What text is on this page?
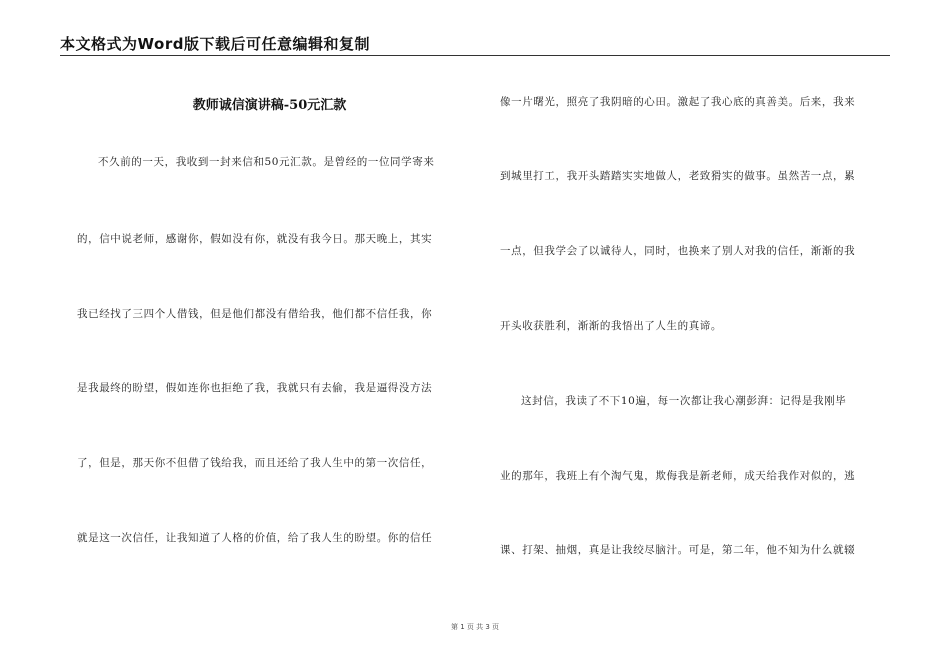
本文格式为Word版下载后可任意编辑和复制
教师诚信演讲稿-50元汇款
不久前的一天，我收到一封来信和50元汇款。是曾经的一位同学寄来
的，信中说老师，感谢你，假如没有你，就没有我今日。那天晚上，其实
我已经找了三四个人借钱，但是他们都没有借给我，他们都不信任我，你
是我最终的盼望，假如连你也拒绝了我，我就只有去偷，我是逼得没方法
了，但是，那天你不但借了钱给我，而且还给了我人生中的第一次信任，
就是这一次信任，让我知道了人格的价值，给了我人生的盼望。你的信任
像一片曙光，照亮了我阴暗的心田。激起了我心底的真善美。后来，我来
到城里打工，我开头踏踏实实地做人，老致猾实的做事。虽然苦一点，累
一点，但我学会了以诚待人，同时，也换来了别人对我的信任，渐渐的我
开头收获胜利，渐渐的我悟出了人生的真谛。
这封信，我读了不下10遍，每一次都让我心潮彭湃：记得是我刚毕
业的那年，我班上有个淘气鬼，欺侮我是新老师，成天给我作对似的，逃
课、打架、抽烟，真是让我绞尽脑汁。可是，第二年，他不知为什么就辍
第 1 页 共 3 页
